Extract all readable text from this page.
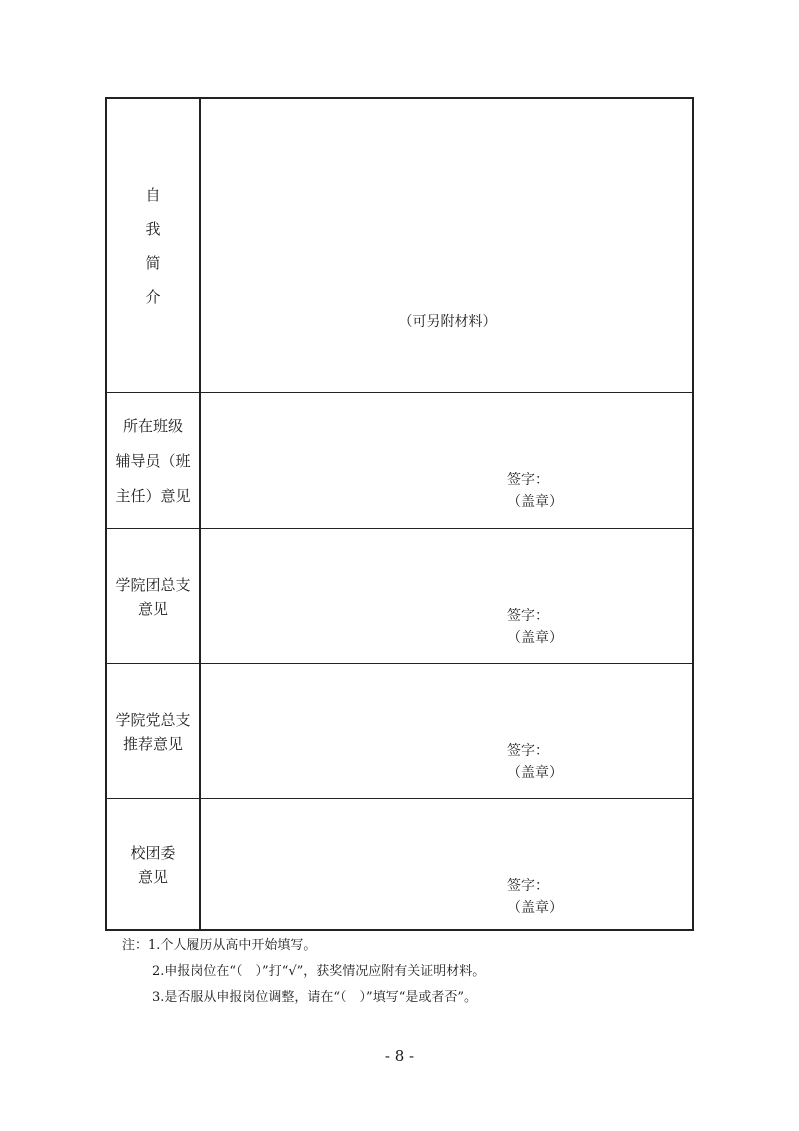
自
我
简
介
（可另附材料）
所在班级
辅导员（班
主任）意见
签字：
（盖章）
学院团总支
意见	签字：
（盖章）
学院党总支
推荐意见	签字：
（盖章）
校团委
意见
签字：
（盖章）
注：1.个人履历从高中开始填写。
2.申报岗位在“（　）”打“√”，获奖情况应附有关证明材料。
3.是否服从申报岗位调整，请在“（　）”填写“是或者否”。
- 8 -
